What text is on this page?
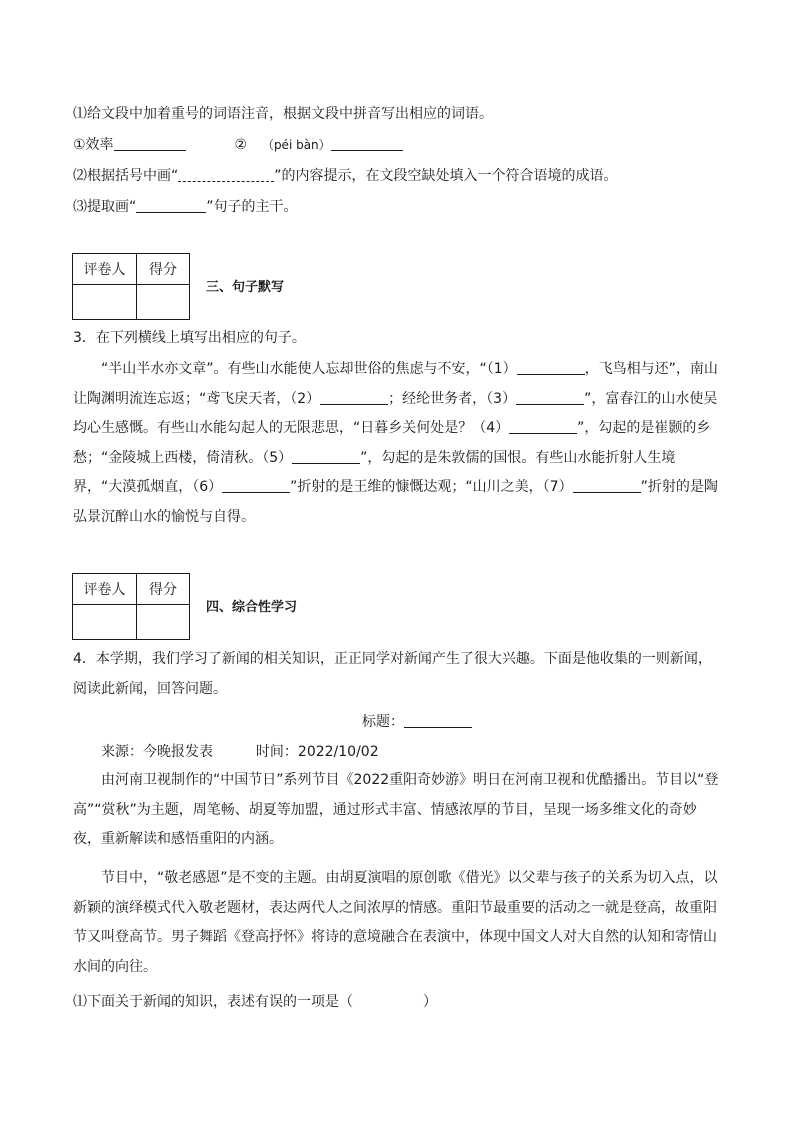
⑴给文段中加着重号的词语注音，根据文段中拼音写出相应的词语。
①效率	② （péi bàn）
⑵根据括号中画“	”的内容提示，在文段空缺处填入一个符合语境的成语。
⑶提取画“	”句子的主干。
评卷人	得分

三、句子默写
3．在下列横线上填写出相应的句子。
“半山半水亦文章”。有些山水能使人忘却世俗的焦虑与不安，“（1）	，飞鸟相与还”，南山让陶渊明流连忘返；“鸢飞戾天者，（2）	；经纶世务者，（3）	”，富春江的山水使吴均心生感慨。有些山水能勾起人的无限悲思，“日暮乡关何处是？（4）	”，勾起的是崔颢的乡愁；“金陵城上西楼，倚清秋。（5）	”，勾起的是朱敦儒的国恨。有些山水能折射人生境界，“大漠孤烟直，（6）	”折射的是王维的慷慨达观；“山川之美，（7）	”折射的是陶弘景沉醉山水的愉悦与自得。
评卷人	得分

四、综合性学习
4．本学期，我们学习了新闻的相关知识，正正同学对新闻产生了很大兴趣。下面是他收集的一则新闻，阅读此新闻，回答问题。
标题：
来源：今晚报发表	时间：2022/10/02
由河南卫视制作的“中国节日”系列节目《2022重阳奇妙游》明日在河南卫视和优酷播出。节目以“登高”“赏秋”为主题，周笔畅、胡夏等加盟，通过形式丰富、情感浓厚的节目，呈现一场多维文化的奇妙夜，重新解读和感悟重阳的内涵。
节目中，“敬老感恩”是不变的主题。由胡夏演唱的原创歌《借光》以父辈与孩子的关系为切入点，以新颖的演绎模式代入敬老题材，表达两代人之间浓厚的情感。重阳节最重要的活动之一就是登高，故重阳节又叫登高节。男子舞蹈《登高抒怀》将诗的意境融合在表演中，体现中国文人对大自然的认知和寄情山水间的向往。
⑴下面关于新闻的知识，表述有误的一项是（	）
